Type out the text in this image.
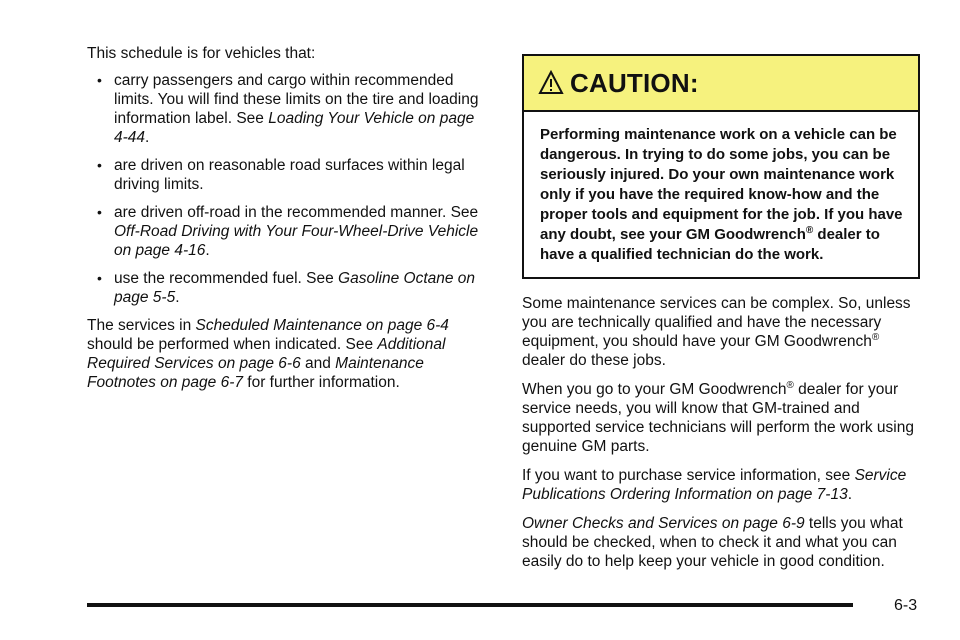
This schedule is for vehicles that:

• carry passengers and cargo within recommended limits. You will find these limits on the tire and loading information label. See Loading Your Vehicle on page 4-44.
• are driven on reasonable road surfaces within legal driving limits.
• are driven off-road in the recommended manner. See Off-Road Driving with Your Four-Wheel-Drive Vehicle on page 4-16.
• use the recommended fuel. See Gasoline Octane on page 5-5.

The services in Scheduled Maintenance on page 6-4 should be performed when indicated. See Additional Required Services on page 6-6 and Maintenance Footnotes on page 6-7 for further information.

CAUTION:
Performing maintenance work on a vehicle can be dangerous. In trying to do some jobs, you can be seriously injured. Do your own maintenance work only if you have the required know-how and the proper tools and equipment for the job. If you have any doubt, see your GM Goodwrench® dealer to have a qualified technician do the work.

Some maintenance services can be complex. So, unless you are technically qualified and have the necessary equipment, you should have your GM Goodwrench® dealer do these jobs.

When you go to your GM Goodwrench® dealer for your service needs, you will know that GM-trained and supported service technicians will perform the work using genuine GM parts.

If you want to purchase service information, see Service Publications Ordering Information on page 7-13.

Owner Checks and Services on page 6-9 tells you what should be checked, when to check it and what you can easily do to help keep your vehicle in good condition.

6-3
